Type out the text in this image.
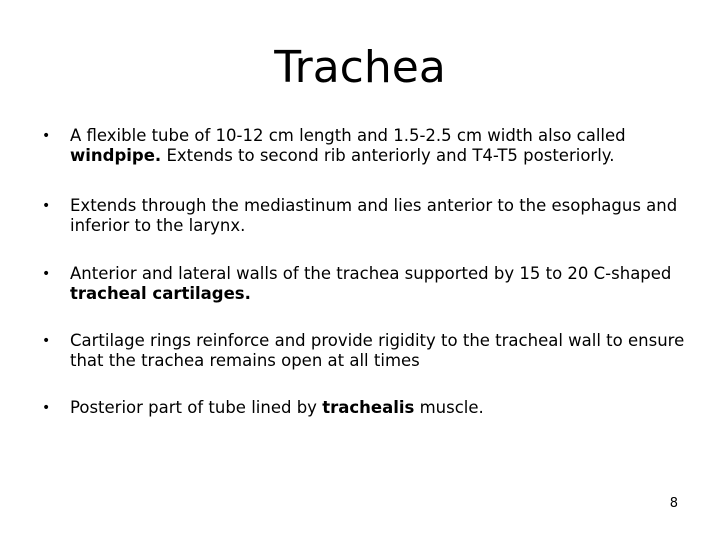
Trachea
•	A flexible tube of 10-12 cm length and 1.5-2.5 cm width also called windpipe. Extends to second rib anteriorly and T4-T5 posteriorly.
•	Extends through the mediastinum and lies anterior to the esophagus and inferior to the larynx.
•	Anterior and lateral walls of the trachea supported by 15 to 20 C-shaped tracheal cartilages.
•	Cartilage rings reinforce and provide rigidity to the tracheal wall to ensure that the trachea remains open at all times
•	Posterior part of tube lined by trachealis muscle.
8
